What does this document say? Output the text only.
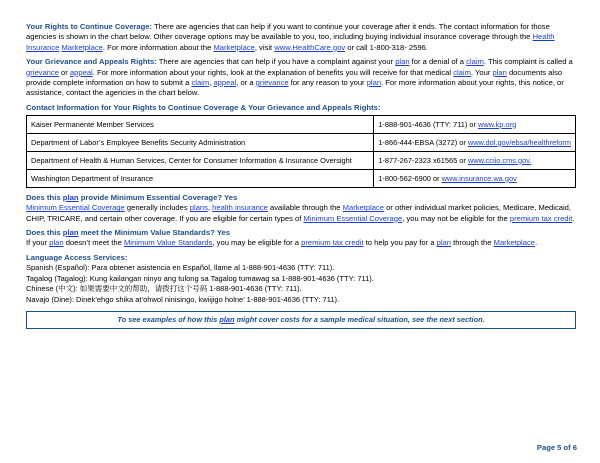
Your Rights to Continue Coverage: There are agencies that can help if you want to continue your coverage after it ends. The contact information for those agencies is shown in the chart below. Other coverage options may be available to you, too, including buying individual insurance coverage through the Health Insurance Marketplace. For more information about the Marketplace, visit www.HealthCare.gov or call 1-800-318- 2596.
Your Grievance and Appeals Rights: There are agencies that can help if you have a complaint against your plan for a denial of a claim. This complaint is called a grievance or appeal. For more information about your rights, look at the explanation of benefits you will receive for that medical claim. Your plan documents also provide complete information on how to submit a claim, appeal, or a grievance for any reason to your plan. For more information about your rights, this notice, or assistance, contact the agencies in the chart below.
Contact Information for Your Rights to Continue Coverage & Your Grievance and Appeals Rights:
Kaiser Permanente Member Services	1-888-901-4636 (TTY: 711) or www.kp.org
Department of Labor’s Employee Benefits Security Administration	1-866-444-EBSA (3272) or www.dol.gov/ebsa/healthreform
Department of Health & Human Services, Center for Consumer Information & Insurance Oversight	1-877-267-2323 x61565 or www.cciio.cms.gov.
Washington Department of Insurance	1-800-562-6900 or www.insurance.wa.gov
Does this plan provide Minimum Essential Coverage? Yes
Minimum Essential Coverage generally includes plans, health insurance available through the Marketplace or other individual market policies, Medicare, Medicaid, CHIP, TRICARE, and certain other coverage. If you are eligible for certain types of Minimum Essential Coverage, you may not be eligible for the premium tax credit.
Does this plan meet the Minimum Value Standards? Yes
If your plan doesn’t meet the Minimum Value Standards, you may be eligible for a premium tax credit to help you pay for a plan through the Marketplace.
Language Access Services:
Spanish (Español): Para obtener asistencia en Español, llame al 1-888-901-4636 (TTY: 711).
Tagalog (Tagalog): Kung kailangan ninyo ang tulong sa Tagalog tumawag sa 1-888-901-4636 (TTY: 711).
Chinese (中文): 如果需要中文的帮助，请拨打这个号码 1-888-901-4636 (TTY: 711).
Navajo (Dine): Dinek’ehgo shika at’ohwol ninisingo, kwiijigo holne’ 1-888-901-4636 (TTY: 711).
To see examples of how this plan might cover costs for a sample medical situation, see the next section.
Page 5 of 6
